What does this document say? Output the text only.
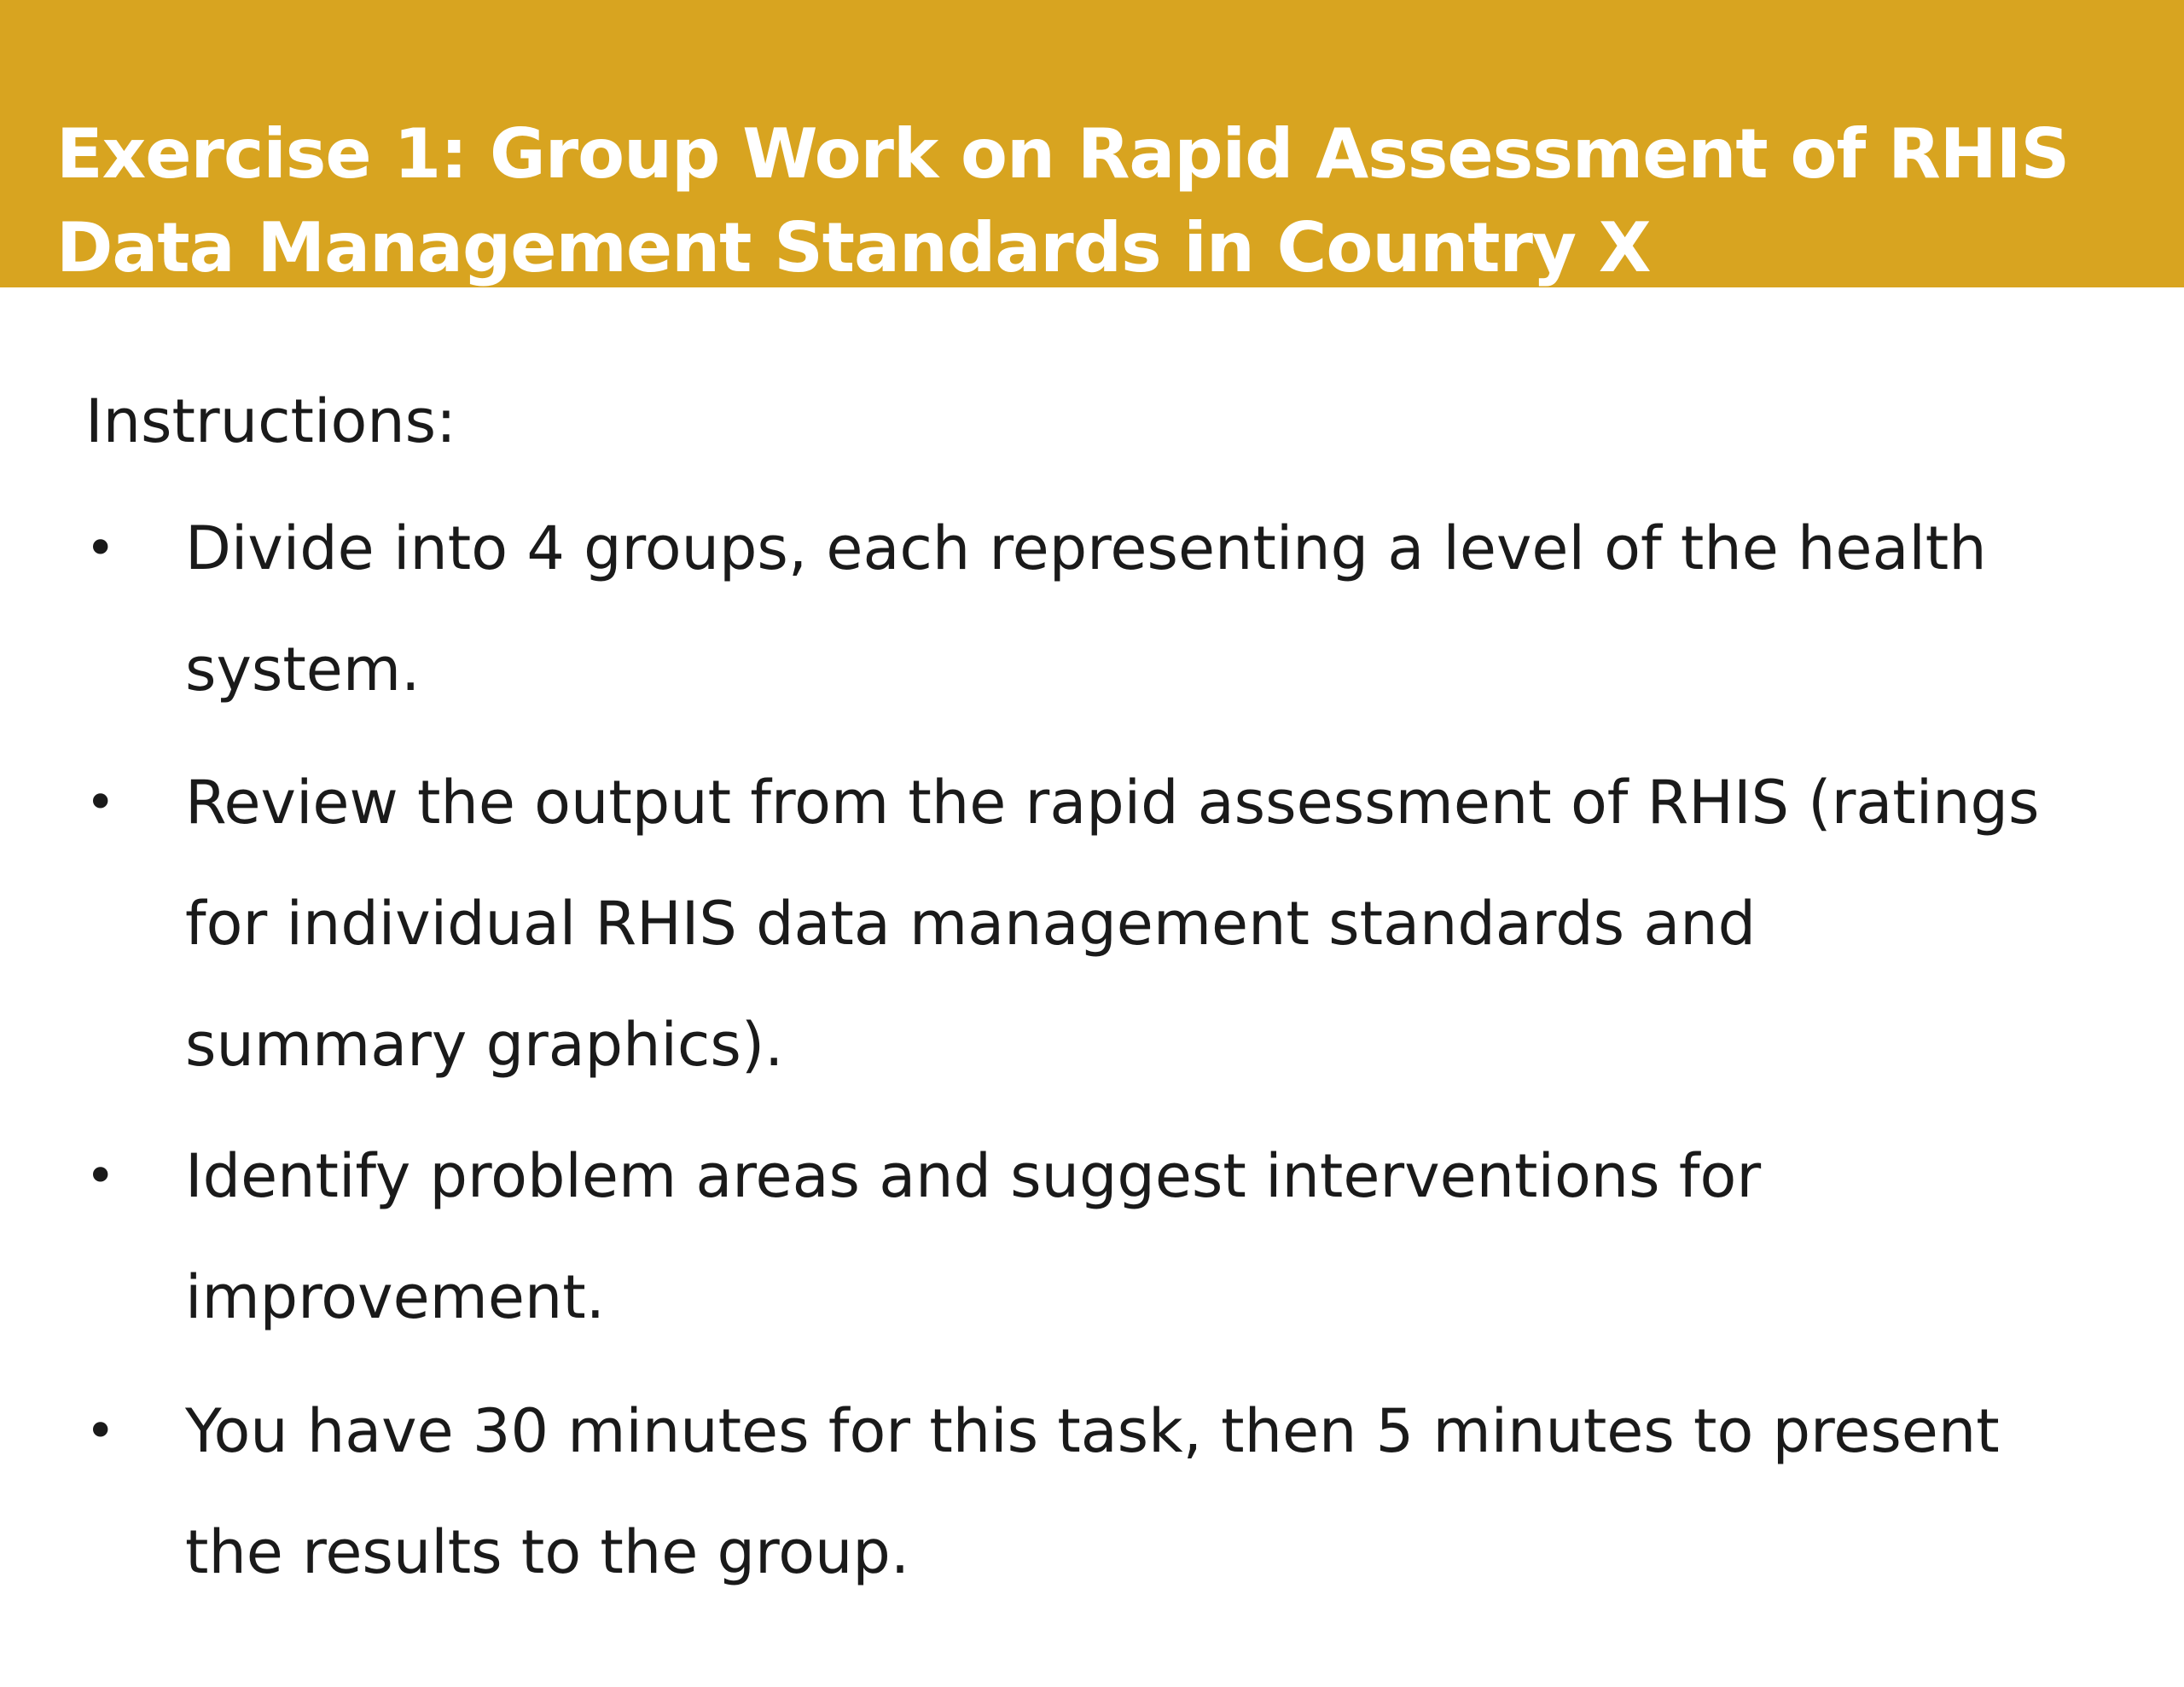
Exercise 1: Group Work on Rapid Assessment of RHIS
Data Management Standards in Country X
Instructions:
• Divide into 4 groups, each representing a level of the health
system.
• Review the output from the rapid assessment of RHIS (ratings
for individual RHIS data management standards and
summary graphics).
• Identify problem areas and suggest interventions for
improvement.
• You have 30 minutes for this task, then 5 minutes to present
the results to the group.
